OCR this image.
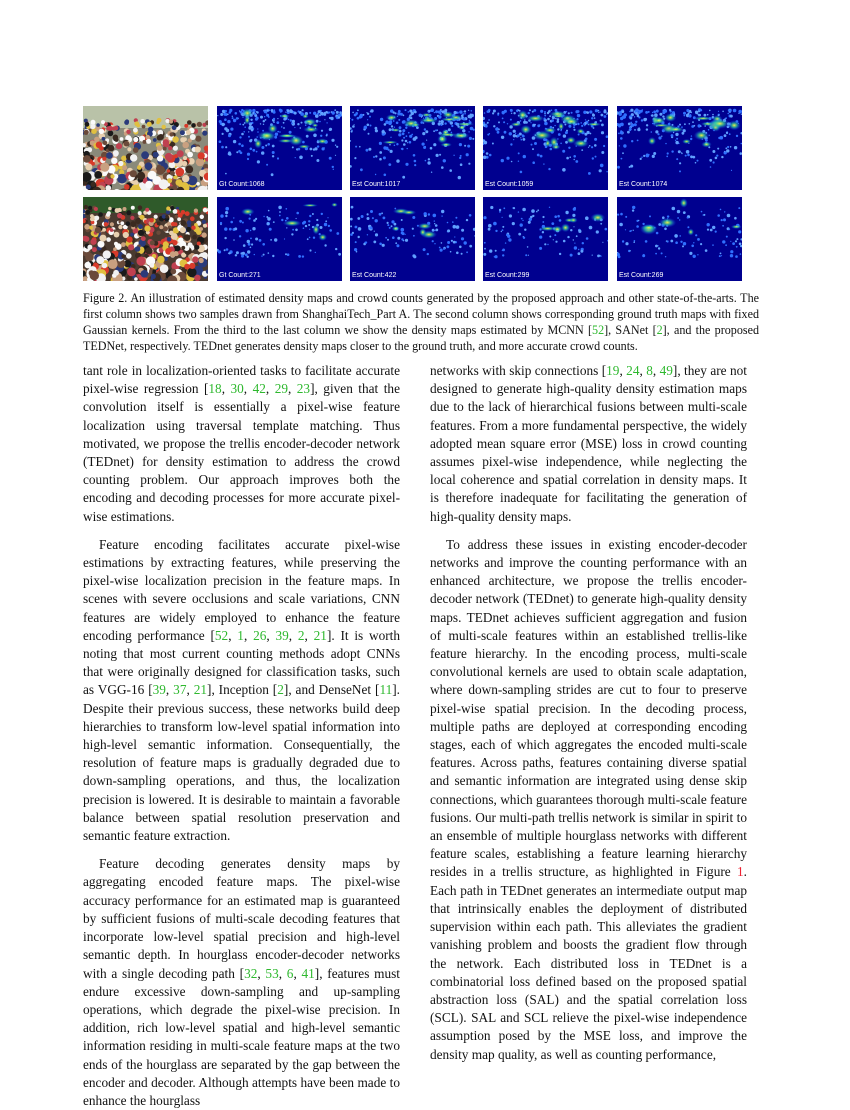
Gt Count:1068	Est Count:1017	Est Count:1059	Est Count:1074
Gt Count:271	Est Count:422	Est Count:299	Est Count:269
Figure 2. An illustration of estimated density maps and crowd counts generated by the proposed approach and other state-of-the-arts. The first column shows two samples drawn from ShanghaiTech_Part A. The second column shows corresponding ground truth maps with fixed Gaussian kernels. From the third to the last column we show the density maps estimated by MCNN [52], SANet [2], and the proposed TEDNet, respectively. TEDnet generates density maps closer to the ground truth, and more accurate crowd counts.

tant role in localization-oriented tasks to facilitate accurate pixel-wise regression [18, 30, 42, 29, 23], given that the convolution itself is essentially a pixel-wise feature localization using traversal template matching. Thus motivated, we propose the trellis encoder-decoder network (TEDnet) for density estimation to address the crowd counting problem. Our approach improves both the encoding and decoding processes for more accurate pixel-wise estimations.

Feature encoding facilitates accurate pixel-wise estimations by extracting features, while preserving the pixel-wise localization precision in the feature maps. In scenes with severe occlusions and scale variations, CNN features are widely employed to enhance the feature encoding performance [52, 1, 26, 39, 2, 21]. It is worth noting that most current counting methods adopt CNNs that were originally designed for classification tasks, such as VGG-16 [39, 37, 21], Inception [2], and DenseNet [11]. Despite their previous success, these networks build deep hierarchies to transform low-level spatial information into high-level semantic information. Consequentially, the resolution of feature maps is gradually degraded due to down-sampling operations, and thus, the localization precision is lowered. It is desirable to maintain a favorable balance between spatial resolution preservation and semantic feature extraction.

Feature decoding generates density maps by aggregating encoded feature maps. The pixel-wise accuracy performance for an estimated map is guaranteed by sufficient fusions of multi-scale decoding features that incorporate low-level spatial precision and high-level semantic depth. In hourglass encoder-decoder networks with a single decoding path [32, 53, 6, 41], features must endure excessive down-sampling and up-sampling operations, which degrade the pixel-wise precision. In addition, rich low-level spatial and high-level semantic information residing in multi-scale feature maps at the two ends of the hourglass are separated by the gap between the encoder and decoder. Although attempts have been made to enhance the hourglass

networks with skip connections [19, 24, 8, 49], they are not designed to generate high-quality density estimation maps due to the lack of hierarchical fusions between multi-scale features. From a more fundamental perspective, the widely adopted mean square error (MSE) loss in crowd counting assumes pixel-wise independence, while neglecting the local coherence and spatial correlation in density maps. It is therefore inadequate for facilitating the generation of high-quality density maps.

To address these issues in existing encoder-decoder networks and improve the counting performance with an enhanced architecture, we propose the trellis encoder-decoder network (TEDnet) to generate high-quality density maps. TEDnet achieves sufficient aggregation and fusion of multi-scale features within an established trellis-like feature hierarchy. In the encoding process, multi-scale convolutional kernels are used to obtain scale adaptation, where down-sampling strides are cut to four to preserve pixel-wise spatial precision. In the decoding process, multiple paths are deployed at corresponding encoding stages, each of which aggregates the encoded multi-scale features. Across paths, features containing diverse spatial and semantic information are integrated using dense skip connections, which guarantees thorough multi-scale feature fusions. Our multi-path trellis network is similar in spirit to an ensemble of multiple hourglass networks with different feature scales, establishing a feature learning hierarchy resides in a trellis structure, as highlighted in Figure 1. Each path in TEDnet generates an intermediate output map that intrinsically enables the deployment of distributed supervision within each path. This alleviates the gradient vanishing problem and boosts the gradient flow through the network. Each distributed loss in TEDnet is a combinatorial loss defined based on the proposed spatial abstraction loss (SAL) and the spatial correlation loss (SCL). SAL and SCL relieve the pixel-wise independence assumption posed by the MSE loss, and improve the density map quality, as well as counting performance,
